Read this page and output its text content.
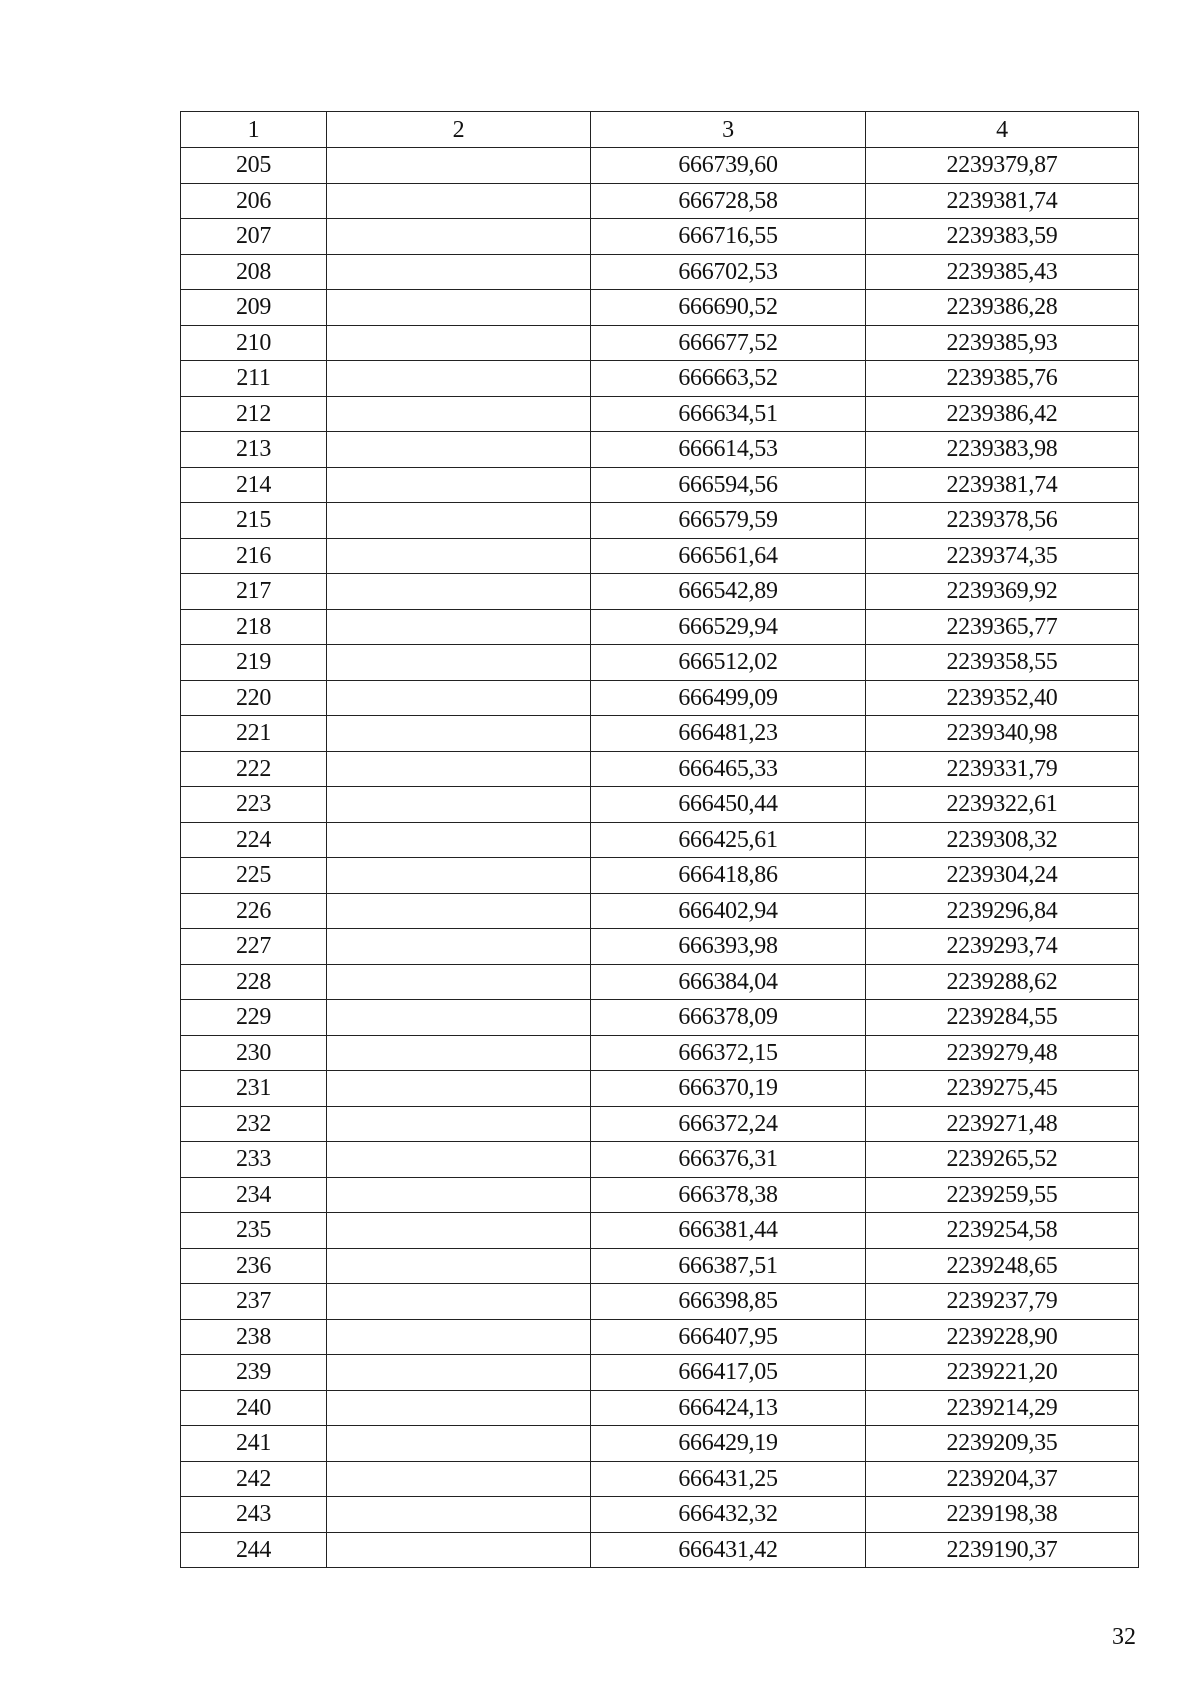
1	2	3	4
205		666739,60	2239379,87
206		666728,58	2239381,74
207		666716,55	2239383,59
208		666702,53	2239385,43
209		666690,52	2239386,28
210		666677,52	2239385,93
211		666663,52	2239385,76
212		666634,51	2239386,42
213		666614,53	2239383,98
214		666594,56	2239381,74
215		666579,59	2239378,56
216		666561,64	2239374,35
217		666542,89	2239369,92
218		666529,94	2239365,77
219		666512,02	2239358,55
220		666499,09	2239352,40
221		666481,23	2239340,98
222		666465,33	2239331,79
223		666450,44	2239322,61
224		666425,61	2239308,32
225		666418,86	2239304,24
226		666402,94	2239296,84
227		666393,98	2239293,74
228		666384,04	2239288,62
229		666378,09	2239284,55
230		666372,15	2239279,48
231		666370,19	2239275,45
232		666372,24	2239271,48
233		666376,31	2239265,52
234		666378,38	2239259,55
235		666381,44	2239254,58
236		666387,51	2239248,65
237		666398,85	2239237,79
238		666407,95	2239228,90
239		666417,05	2239221,20
240		666424,13	2239214,29
241		666429,19	2239209,35
242		666431,25	2239204,37
243		666432,32	2239198,38
244		666431,42	2239190,37
32
